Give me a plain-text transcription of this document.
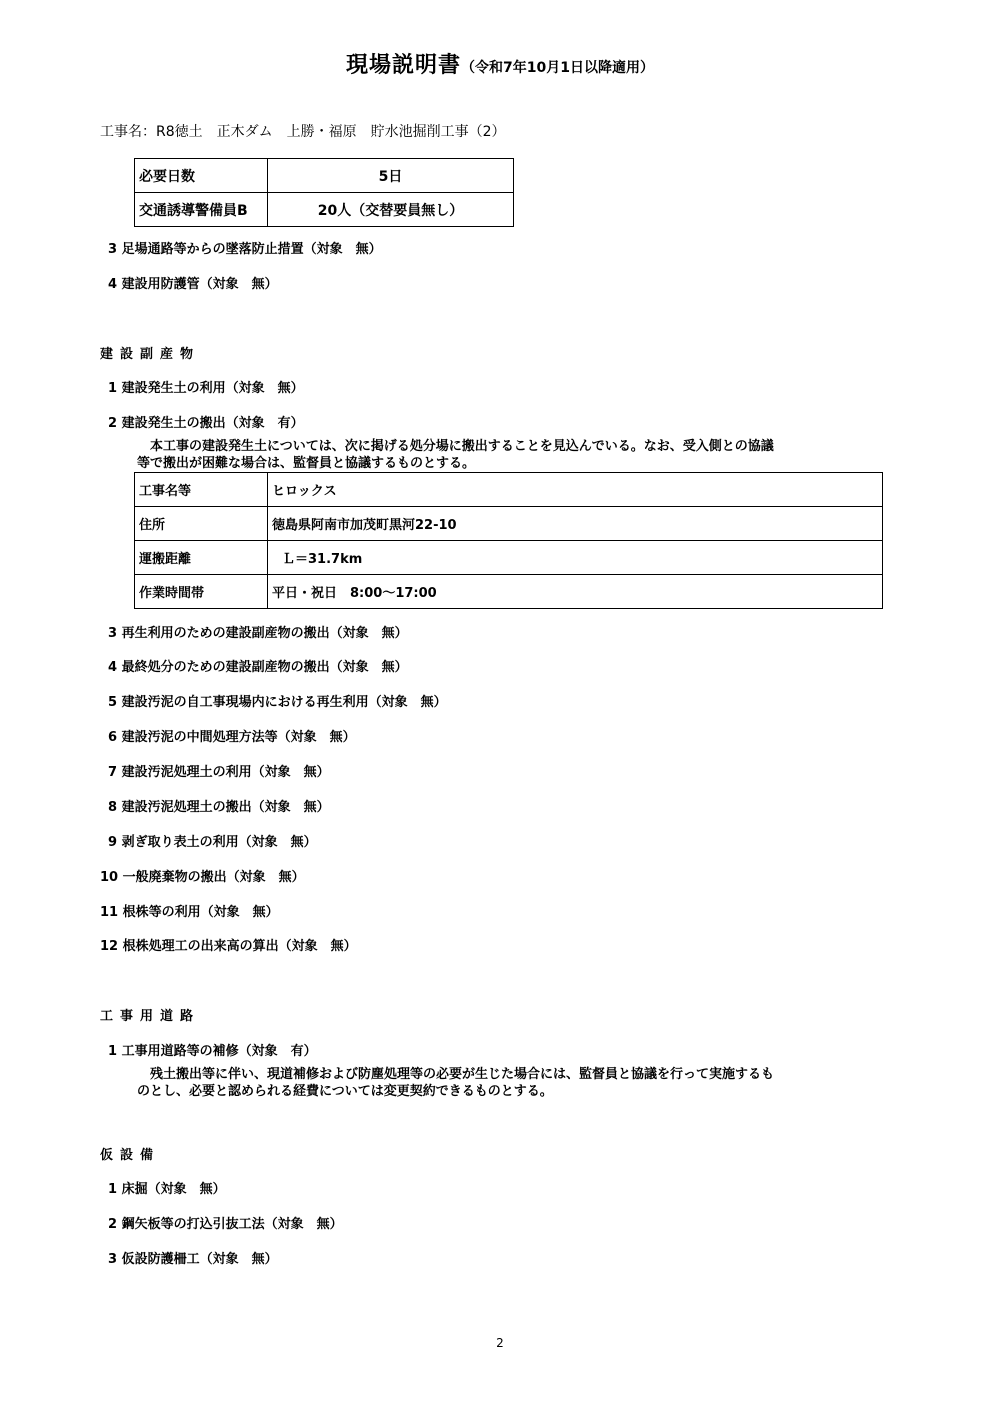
現場説明書（令和7年10月1日以降適用）
工事名：R8徳土　正木ダム　上勝・福原　貯水池掘削工事（2）
必要日数	5日
交通誘導警備員B	20人（交替要員無し）
3 足場通路等からの墜落防止措置（対象　無）
4 建設用防護管（対象　無）
建設副産物
1 建設発生土の利用（対象　無）
2 建設発生土の搬出（対象　有）
本工事の建設発生土については、次に掲げる処分場に搬出することを見込んでいる。なお、受入側との協議
等で搬出が困難な場合は、監督員と協議するものとする。
工事名等	ヒロックス
住所	徳島県阿南市加茂町黒河22-10
運搬距離	Ｌ＝31.7km
作業時間帯	平日・祝日　8:00～17:00
3 再生利用のための建設副産物の搬出（対象　無）
4 最終処分のための建設副産物の搬出（対象　無）
5 建設汚泥の自工事現場内における再生利用（対象　無）
6 建設汚泥の中間処理方法等（対象　無）
7 建設汚泥処理土の利用（対象　無）
8 建設汚泥処理土の搬出（対象　無）
9 剥ぎ取り表土の利用（対象　無）
10 一般廃棄物の搬出（対象　無）
11 根株等の利用（対象　無）
12 根株処理工の出来高の算出（対象　無）
工事用道路
1 工事用道路等の補修（対象　有）
残土搬出等に伴い、現道補修および防塵処理等の必要が生じた場合には、監督員と協議を行って実施するも
のとし、必要と認められる経費については変更契約できるものとする。
仮設備
1 床掘（対象　無）
2 鋼矢板等の打込引抜工法（対象　無）
3 仮設防護柵工（対象　無）
2
